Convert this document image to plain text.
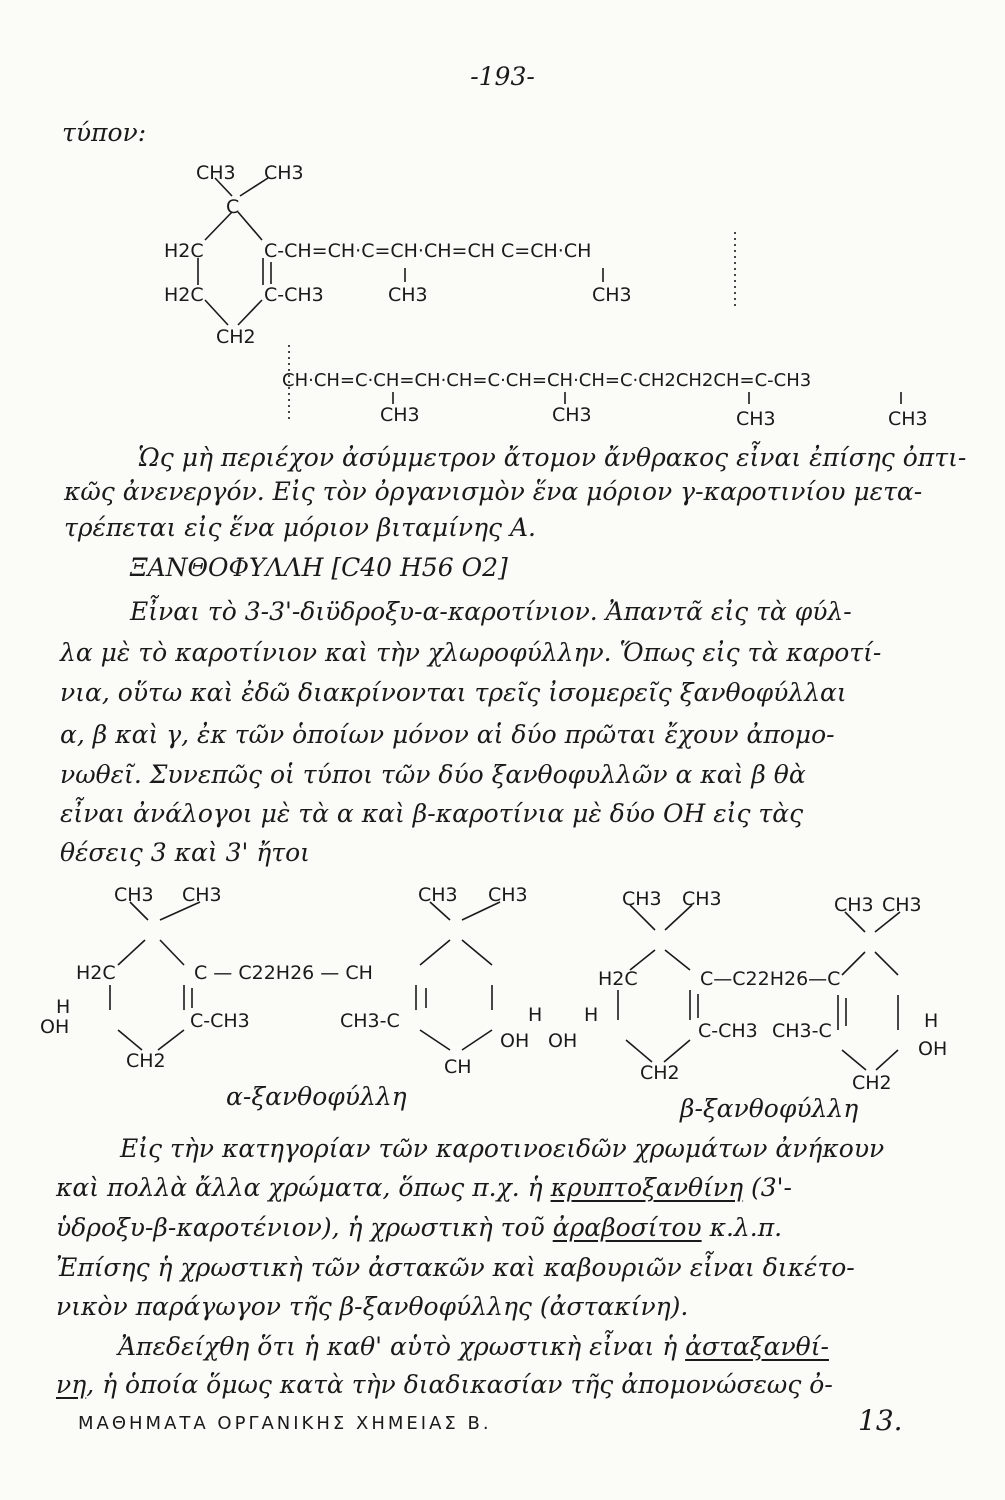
-193-
τύπον:
CH3 CH3
C
H2C	C-CH=CH·C=CH·CH=CH C=CH·CH
H2C	C-CH3	CH3	CH3
CH2
CH·CH=C·CH=CH·CH=C·CH=CH·CH=C·CH2CH2CH=C-CH3
CH3	CH3	CH3	CH3
Ὡς μὴ περιέχον ἀσύμμετρον ἄτομον ἄνθρακος εἶναι ἐπίσης ὀπτι-
κῶς ἀνενεργόν. Εἰς τὸν ὀργανισμὸν ἕνα μόριον γ-καροτινίου μετα-
τρέπεται εἰς ἕνα μόριον βιταμίνης Α.
ΞΑΝΘΟΦΥΛΛΗ [C40 H56 O2]
Εἶναι τὸ 3-3'-διϋδροξυ-α-καροτίνιον. Ἀπαντᾶ εἰς τὰ φύλ-
λα μὲ τὸ καροτίνιον καὶ τὴν χλωροφύλλην. Ὅπως εἰς τὰ καροτί-
νια, οὕτω καὶ ἐδῶ διακρίνονται τρεῖς ἰσομερεῖς ξανθοφύλλαι
α, β καὶ γ, ἐκ τῶν ὁποίων μόνον αἱ δύο πρῶται ἔχουν ἀπομο-
νωθεῖ. Συνεπῶς οἱ τύποι τῶν δύο ξανθοφυλλῶν α καὶ β θὰ
εἶναι ἀνάλογοι μὲ τὰ α καὶ β-καροτίνια μὲ δύο OH εἰς τὰς
θέσεις 3 καὶ 3' ἤτοι
CH3 CH3
H2C	C — C22H26 — CH
H
OH	C-CH3
CH2
CH3 CH3
CH3-C
OH
H
CH
CH3 CH3
H2C	C—C22H26—C
H
OH	C-CH3 CH3-C
CH2
CH3 CH3
H
OH
CH2
α-ξανθοφύλλη	β-ξανθοφύλλη
Εἰς τὴν κατηγορίαν τῶν καροτινοειδῶν χρωμάτων ἀνήκουν
καὶ πολλὰ ἄλλα χρώματα, ὅπως π.χ. ἡ κρυπτοξανθίνη (3'-
ὑδροξυ-β-καροτένιον), ἡ χρωστικὴ τοῦ ἀραβοσίτου κ.λ.π.
Ἐπίσης ἡ χρωστικὴ τῶν ἀστακῶν καὶ καβουριῶν εἶναι δικέτο-
νικὸν παράγωγον τῆς β-ξανθοφύλλης (ἀστακίνη).
Ἀπεδείχθη ὅτι ἡ καθ' αὑτὸ χρωστικὴ εἶναι ἡ ἀσταξανθί-
νη, ἡ ὁποία ὅμως κατὰ τὴν διαδικασίαν τῆς ἀπομονώσεως ὀ-
ΜΑΘΗΜΑΤΑ ΟΡΓΑΝΙΚΗΣ ΧΗΜΕΙΑΣ Β.	13.
